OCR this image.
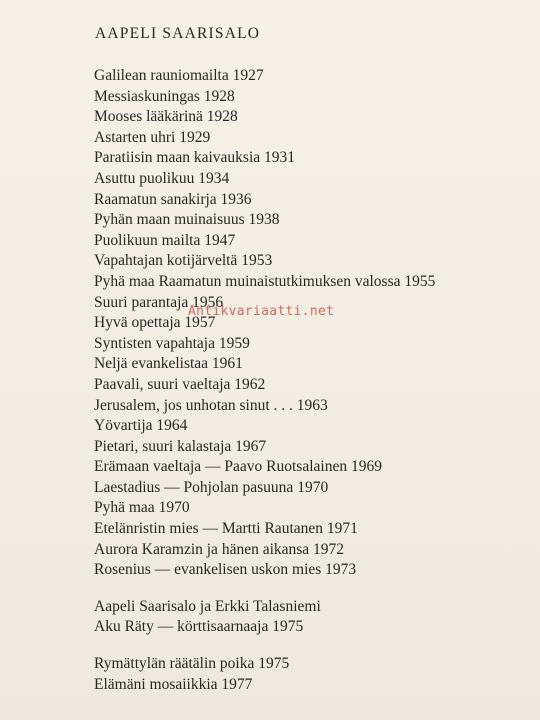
AAPELI SAARISALO
Galilean rauniomailta 1927
Messiaskuningas 1928
Mooses lääkärinä 1928
Astarten uhri 1929
Paratiisin maan kaivauksia 1931
Asuttu puolikuu 1934
Raamatun sanakirja 1936
Pyhän maan muinaisuus 1938
Puolikuun mailta 1947
Vapahtajan kotijärveltä 1953
Pyhä maa Raamatun muinaistutkimuksen valossa 1955
Suuri parantaja 1956
Hyvä opettaja 1957
Syntisten vapahtaja 1959
Neljä evankelistaa 1961
Paavali, suuri vaeltaja 1962
Jerusalem, jos unhotan sinut . . . 1963
Yövartija 1964
Pietari, suuri kalastaja 1967
Erämaan vaeltaja — Paavo Ruotsalainen 1969
Laestadius — Pohjolan pasuuna 1970
Pyhä maa 1970
Etelänristin mies — Martti Rautanen 1971
Aurora Karamzin ja hänen aikansa 1972
Rosenius — evankelisen uskon mies 1973
Aapeli Saarisalo ja Erkki Talasniemi
Aku Räty — körttisaarnaaja 1975
Rymättylän räätälin poika 1975
Elämäni mosaiikkia 1977
Antikvariaatti.net
